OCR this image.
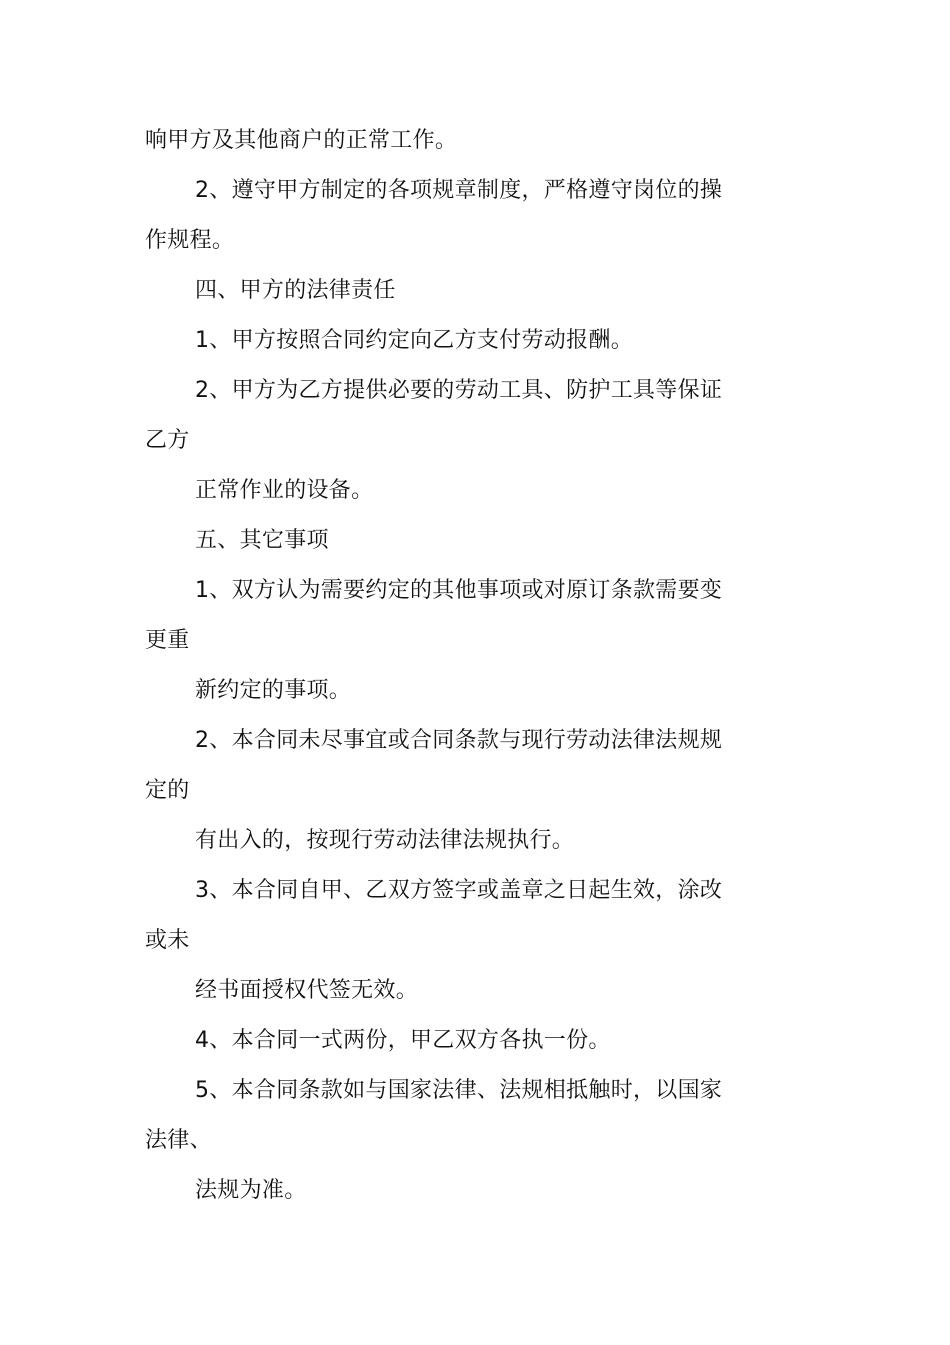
响甲方及其他商户的正常工作。
2、遵守甲方制定的各项规章制度，严格遵守岗位的操
作规程。
四、甲方的法律责任
1、甲方按照合同约定向乙方支付劳动报酬。
2、甲方为乙方提供必要的劳动工具、防护工具等保证
乙方
正常作业的设备。
五、其它事项
1、双方认为需要约定的其他事项或对原订条款需要变
更重
新约定的事项。
2、本合同未尽事宜或合同条款与现行劳动法律法规规
定的
有出入的，按现行劳动法律法规执行。
3、本合同自甲、乙双方签字或盖章之日起生效，涂改
或未
经书面授权代签无效。
4、本合同一式两份，甲乙双方各执一份。
5、本合同条款如与国家法律、法规相抵触时，以国家
法律、
法规为准。
